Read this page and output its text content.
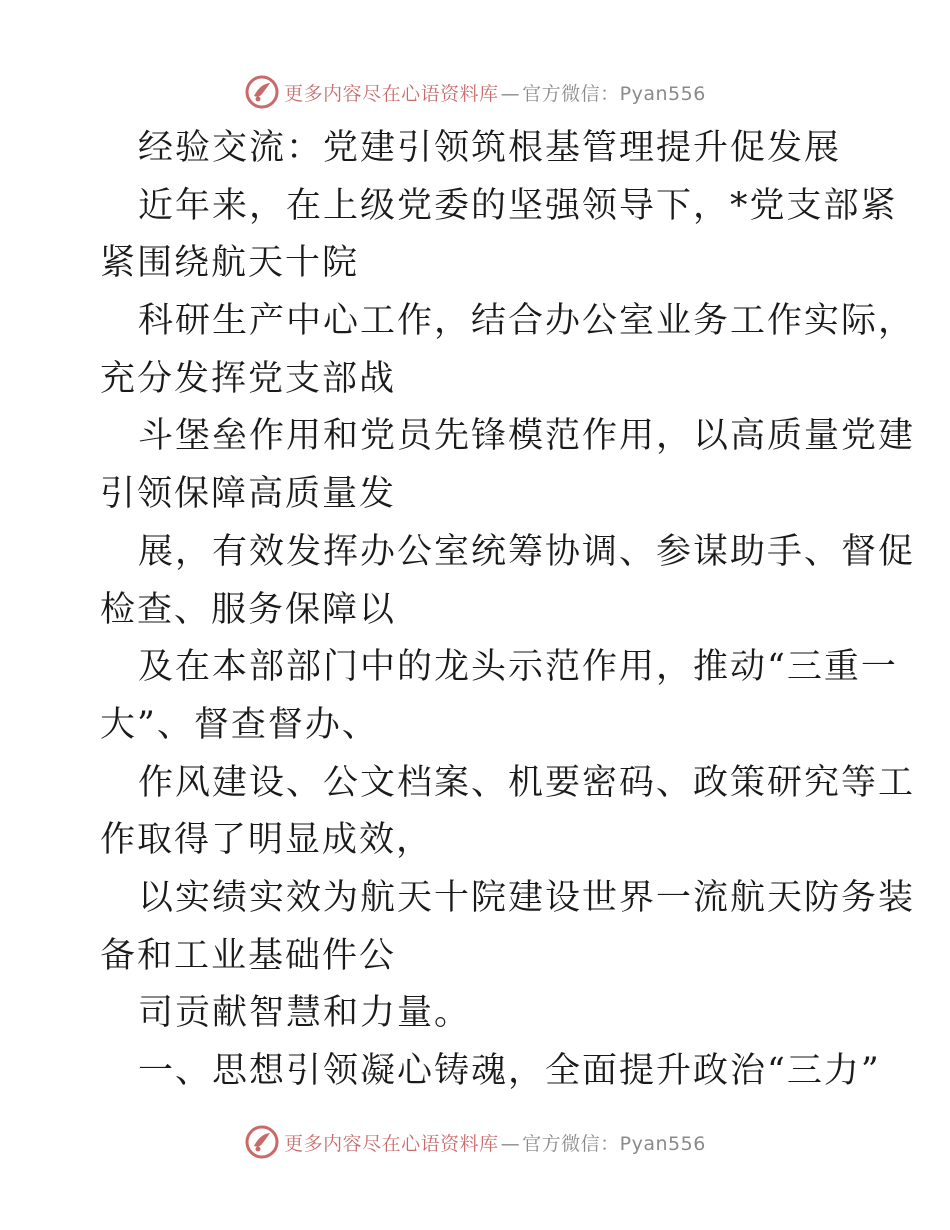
更多内容尽在心语资料库 — 官方微信：Pyan556
经验交流：党建引领筑根基管理提升促发展
近年来，在上级党委的坚强领导下，*党支部紧
紧围绕航天十院
科研生产中心工作，结合办公室业务工作实际，
充分发挥党支部战
斗堡垒作用和党员先锋模范作用，以高质量党建
引领保障高质量发
展，有效发挥办公室统筹协调、参谋助手、督促
检查、服务保障以
及在本部部门中的龙头示范作用，推动“三重一
大”、督查督办、
作风建设、公文档案、机要密码、政策研究等工
作取得了明显成效，
以实绩实效为航天十院建设世界一流航天防务装
备和工业基础件公
司贡献智慧和力量。
一、思想引领凝心铸魂，全面提升政治“三力”
更多内容尽在心语资料库 — 官方微信：Pyan556
